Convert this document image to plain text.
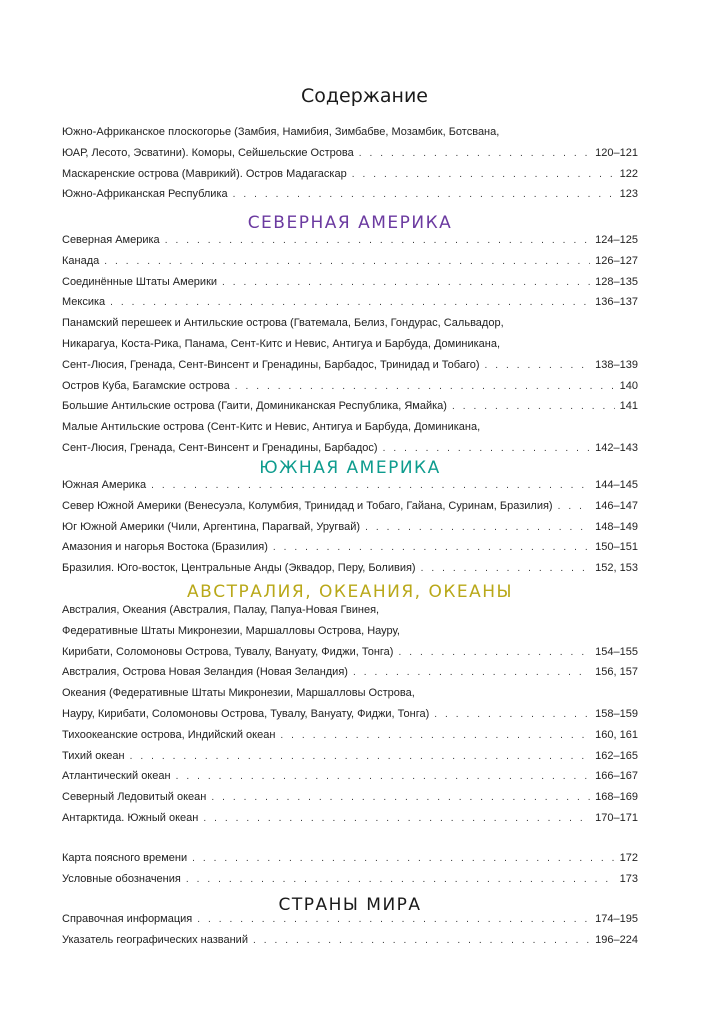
Содержание
Южно-Африканское плоскогорье (Замбия, Намибия, Зимбабве, Мозамбик, Ботсвана,
ЮАР, Лесото, Эсватини). Коморы, Сейшельские Острова . . .	120–121
Маскаренские острова (Маврикий). Остров Мадагаскар . . .	122
Южно-Африканская Республика . . .	123
СЕВЕРНАЯ АМЕРИКА
Северная Америка . . .	124–125
Канада . . .	126–127
Соединённые Штаты Америки . . .	128–135
Мексика . . .	136–137
Панамский перешеек и Антильские острова (Гватемала, Белиз, Гондурас, Сальвадор,
Никарагуа, Коста-Рика, Панама, Сент-Китс и Невис, Антигуа и Барбуда, Доминикана,
Сент-Люсия, Гренада, Сент-Винсент и Гренадины, Барбадос, Тринидад и Тобаго) . . .	138–139
Остров Куба, Багамские острова . . .	140
Большие Антильские острова (Гаити, Доминиканская Республика, Ямайка) . . .	141
Малые Антильские острова (Сент-Китс и Невис, Антигуа и Барбуда, Доминикана,
Сент-Люсия, Гренада, Сент-Винсент и Гренадины, Барбадос) . . .	142–143
ЮЖНАЯ АМЕРИКА
Южная Америка . . .	144–145
Север Южной Америки (Венесуэла, Колумбия, Тринидад и Тобаго, Гайана, Суринам, Бразилия) . . .	146–147
Юг Южной Америки (Чили, Аргентина, Парагвай, Уругвай) . . .	148–149
Амазония и нагорья Востока (Бразилия) . . .	150–151
Бразилия. Юго-восток, Центральные Анды (Эквадор, Перу, Боливия) . . .	152, 153
АВСТРАЛИЯ, ОКЕАНИЯ, ОКЕАНЫ
Австралия, Океания (Австралия, Палау, Папуа-Новая Гвинея,
Федеративные Штаты Микронезии, Маршалловы Острова, Науру,
Кирибати, Соломоновы Острова, Тувалу, Вануату, Фиджи, Тонга) . . .	154–155
Австралия, Острова Новая Зеландия (Новая Зеландия) . . .	156, 157
Океания (Федеративные Штаты Микронезии, Маршалловы Острова,
Науру, Кирибати, Соломоновы Острова, Тувалу, Вануату, Фиджи, Тонга) . . .	158–159
Тихоокеанские острова, Индийский океан . . .	160, 161
Тихий океан . . .	162–165
Атлантический океан . . .	166–167
Северный Ледовитый океан . . .	168–169
Антарктида. Южный океан . . .	170–171
Карта поясного времени . . .	172
Условные обозначения . . .	173
СТРАНЫ МИРА
Справочная информация . . .	174–195
Указатель географических названий . . .	196–224
